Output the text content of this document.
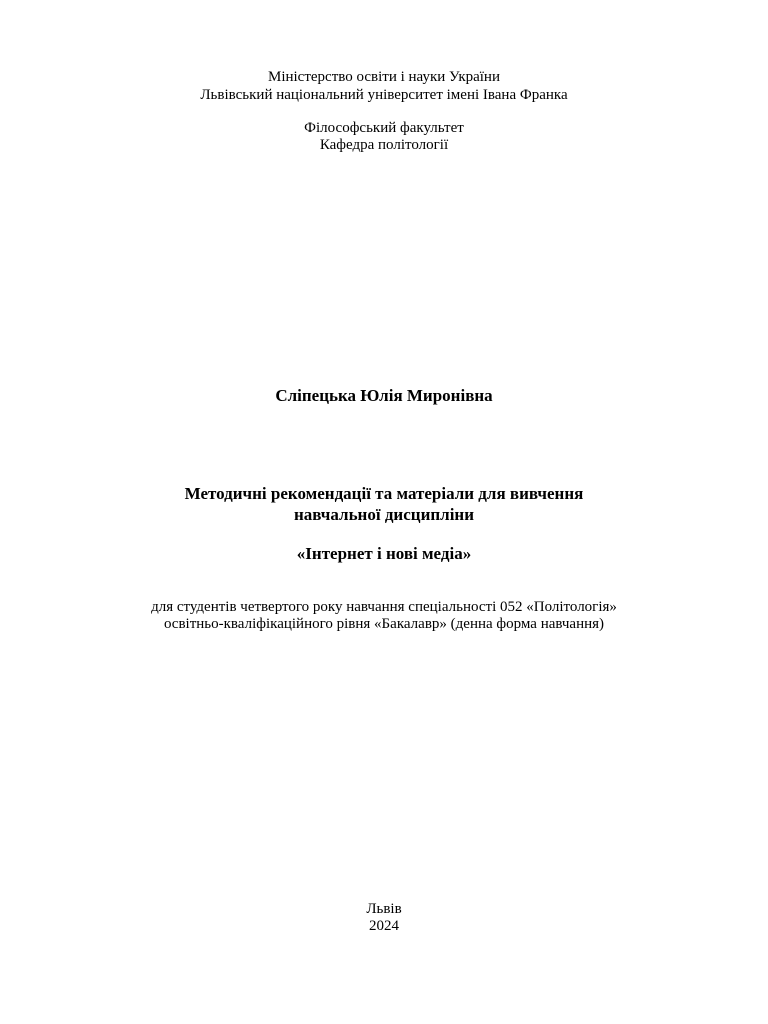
Міністерство освіти і науки України
Львівський національний університет імені Івана Франка
Філософський факультет
Кафедра політології
Сліпецька Юлія Миронівна
Методичні рекомендації та матеріали для вивчення
навчальної дисципліни
«Інтернет і нові медіа»
для студентів четвертого року навчання спеціальності 052 «Політологія»
освітньо-кваліфікаційного рівня «Бакалавр» (денна форма навчання)
Львів
2024
